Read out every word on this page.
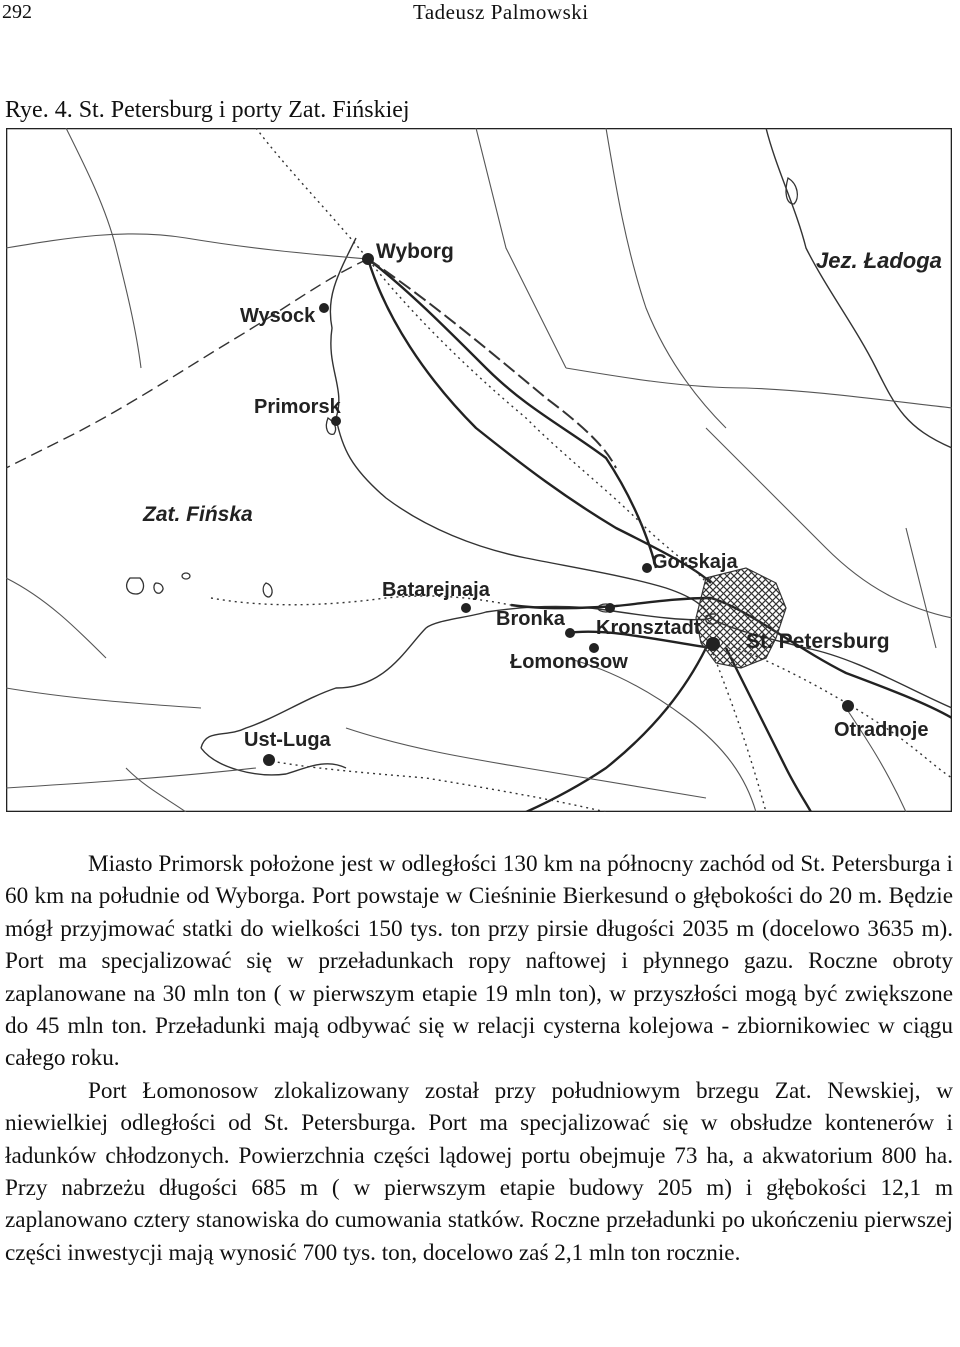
292	Tadeusz Palmowski
Rye. 4. St. Petersburg i porty Zat. Fińskiej
Wyborg
Wysock
Primorsk
Zat. Fińska
Jez. Ładoga
Gorskaja
Batarejnaja
Bronka Kronsztadt
Łomonosow
St. Petersburg
Otradnoje
Ust-Luga

Miasto Primorsk położone jest w odległości 130 km na północny zachód od St. Petersburga i 60 km na południe od Wyborga. Port powstaje w Cieśninie Bierkesund o głębokości do 20 m. Będzie mógł przyjmować statki do wielkości 150 tys. ton przy pirsie długości 2035 m (docelowo 3635 m). Port ma specjalizować się w przeładunkach ropy naftowej i płynnego gazu. Roczne obroty zaplanowane na 30 mln ton ( w pierwszym etapie 19 mln ton), w przyszłości mogą być zwiększone do 45 mln ton. Przeładunki mają odbywać się w relacji cysterna kolejowa - zbiornikowiec w ciągu całego roku.

Port Łomonosow zlokalizowany został przy południowym brzegu Zat. Newskiej, w niewielkiej odległości od St. Petersburga. Port ma specjalizować się w obsłudze kontenerów i ładunków chłodzonych. Powierzchnia części lądowej portu obejmuje 73 ha, a akwatorium 800 ha. Przy nabrzeżu długości 685 m ( w pierwszym etapie budowy 205 m) i głębokości 12,1 m zaplanowano cztery stanowiska do cumowania statków. Roczne przeładunki po ukończeniu pierwszej części inwestycji mają wynosić 700 tys. ton, docelowo zaś 2,1 mln ton rocznie.
